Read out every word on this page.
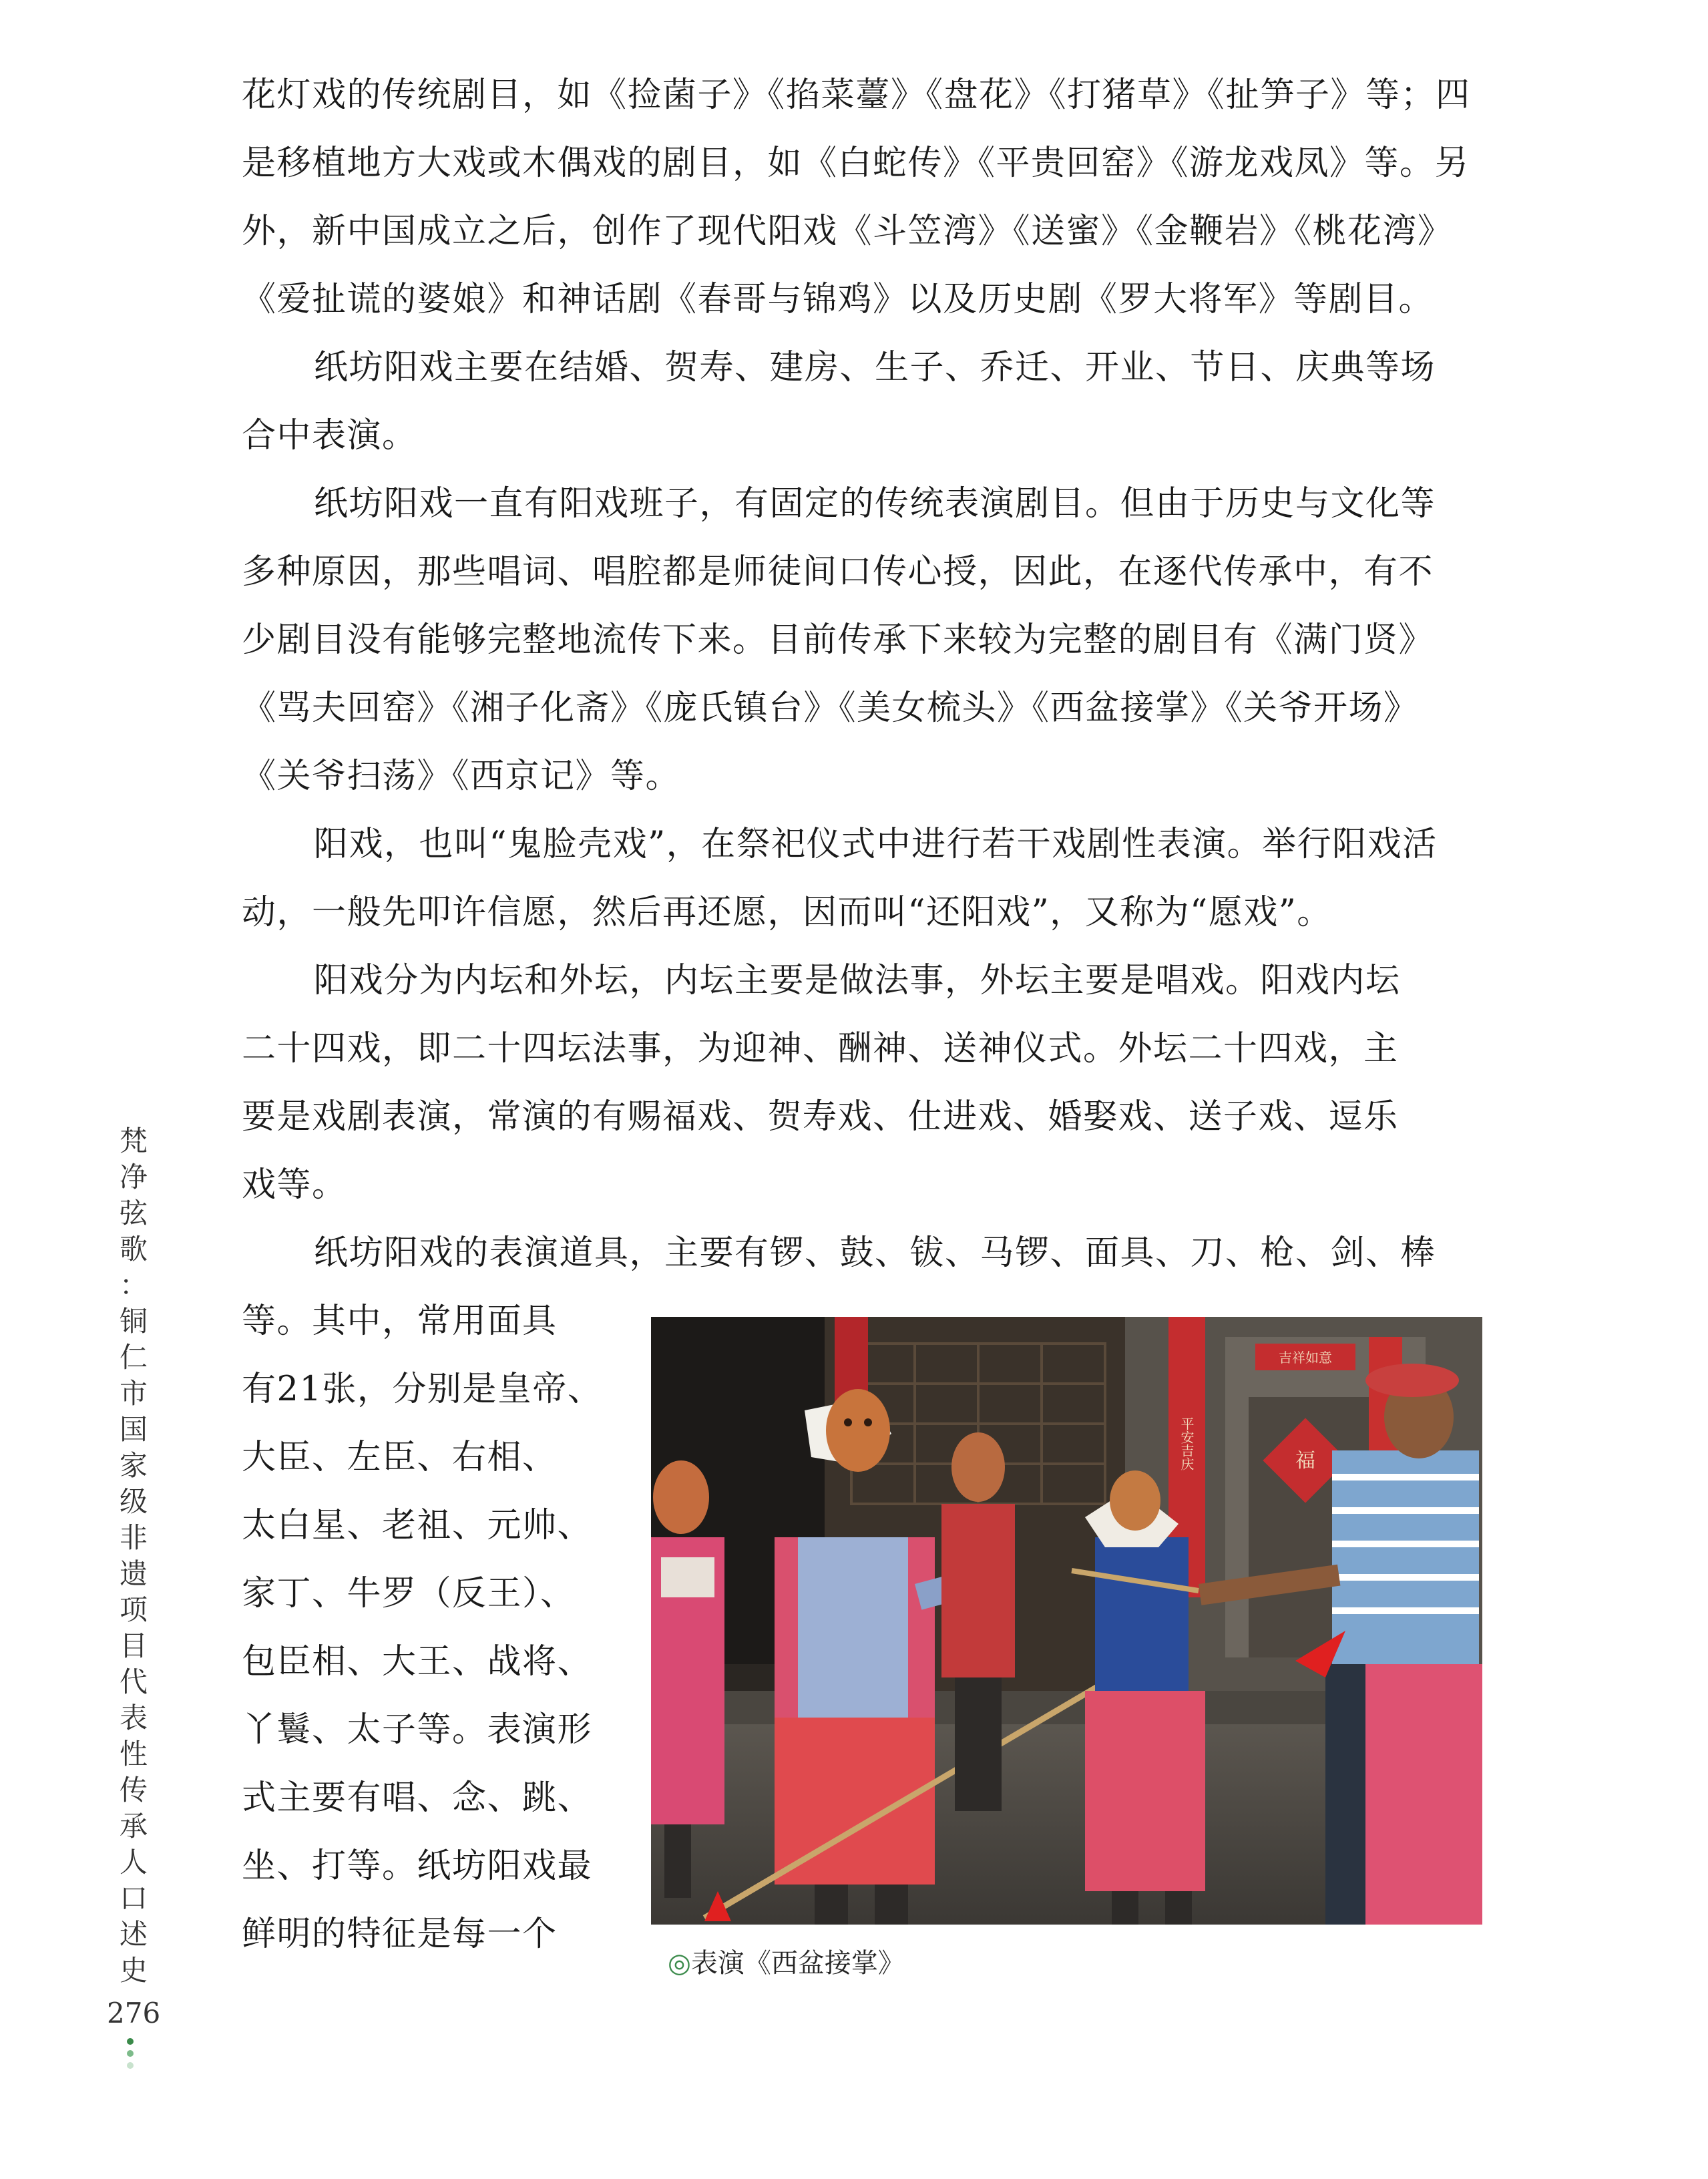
花灯戏的传统剧目，如《捡菌子》《掐菜薹》《盘花》《打猪草》《扯笋子》等；四
是移植地方大戏或木偶戏的剧目，如《白蛇传》《平贵回窑》《游龙戏凤》等。另
外，新中国成立之后，创作了现代阳戏《斗笠湾》《送蜜》《金鞭岩》《桃花湾》
《爱扯谎的婆娘》和神话剧《春哥与锦鸡》以及历史剧《罗大将军》等剧目。
纸坊阳戏主要在结婚、贺寿、建房、生子、乔迁、开业、节日、庆典等场
合中表演。
纸坊阳戏一直有阳戏班子，有固定的传统表演剧目。但由于历史与文化等
多种原因，那些唱词、唱腔都是师徒间口传心授，因此，在逐代传承中，有不
少剧目没有能够完整地流传下来。目前传承下来较为完整的剧目有《满门贤》
《骂夫回窑》《湘子化斋》《庞氏镇台》《美女梳头》《西盆接掌》《关爷开场》
《关爷扫荡》《西京记》等。
阳戏，也叫“鬼脸壳戏”，在祭祀仪式中进行若干戏剧性表演。举行阳戏活
动，一般先叩许信愿，然后再还愿，因而叫“还阳戏”，又称为“愿戏”。
阳戏分为内坛和外坛，内坛主要是做法事，外坛主要是唱戏。阳戏内坛
二十四戏，即二十四坛法事，为迎神、酬神、送神仪式。外坛二十四戏，主
要是戏剧表演，常演的有赐福戏、贺寿戏、仕进戏、婚娶戏、送子戏、逗乐
戏等。
纸坊阳戏的表演道具，主要有锣、鼓、钹、马锣、面具、刀、枪、剑、棒
等。其中，常用面具
有21张，分别是皇帝、
大臣、左臣、右相、
太白星、老祖、元帅、
家丁、牛罗（反王）、
包臣相、大王、战将、
丫鬟、太子等。表演形
式主要有唱、念、跳、
坐、打等。纸坊阳戏最
鲜明的特征是每一个
吉祥如意
平安吉庆	福
◎表演《西盆接掌》
梵
净
弦
歌
：
铜
仁
市
国
家
级
非
遗
项
目
代
表
性
传
承
人
口
述
史
276
